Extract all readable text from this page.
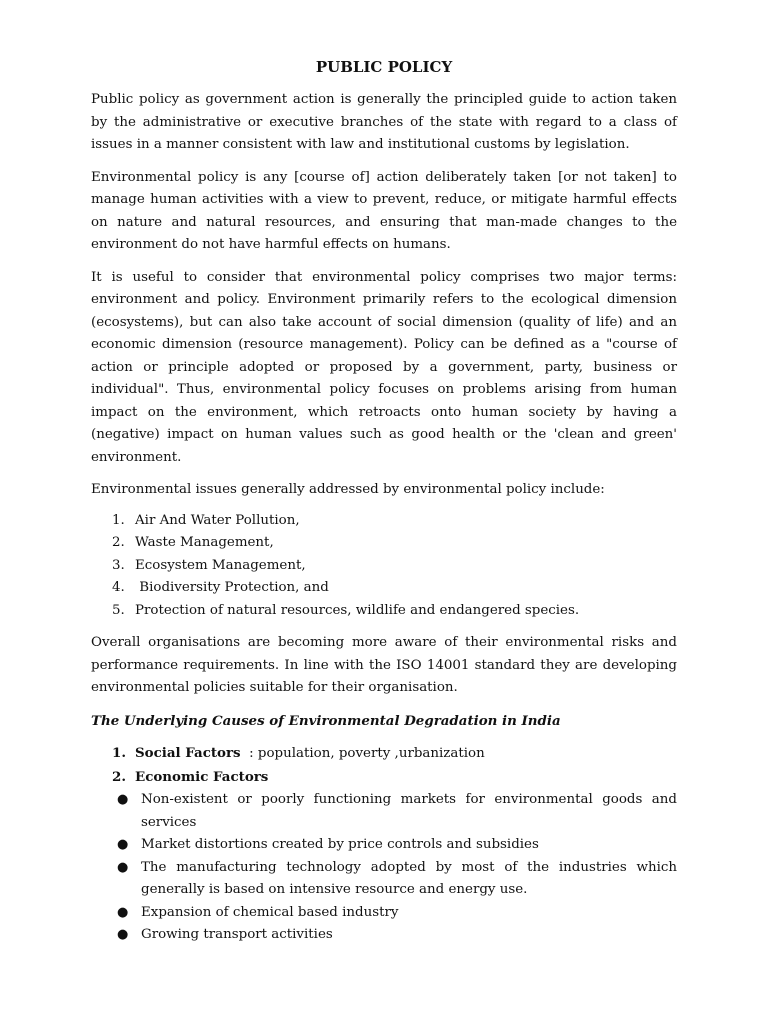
PUBLIC POLICY

Public policy as government action is generally the principled guide to action taken by the administrative or executive branches of the state with regard to a class of issues in a manner consistent with law and institutional customs by legislation.

Environmental policy is any [course of] action deliberately taken [or not taken] to manage human activities with a view to prevent, reduce, or mitigate harmful effects on nature and natural resources, and ensuring that man-made changes to the environment do not have harmful effects on humans.

It is useful to consider that environmental policy comprises two major terms: environment and policy. Environment primarily refers to the ecological dimension (ecosystems), but can also take account of social dimension (quality of life) and an economic dimension (resource management). Policy can be defined as a "course of action or principle adopted or proposed by a government, party, business or individual". Thus, environmental policy focuses on problems arising from human impact on the environment, which retroacts onto human society by having a (negative) impact on human values such as good health or the 'clean and green' environment.

Environmental issues generally addressed by environmental policy include:

1. Air And Water Pollution,
2. Waste Management,
3. Ecosystem Management,
4. Biodiversity Protection, and
5. Protection of natural resources, wildlife and endangered species.

Overall organisations are becoming more aware of their environmental risks and performance requirements. In line with the ISO 14001 standard they are developing environmental policies suitable for their organisation.

The Underlying Causes of Environmental Degradation in India
1. Social Factors  : population, poverty ,urbanization
2. Economic Factors
● Non-existent or poorly functioning markets for environmental goods and services
● Market distortions created by price controls and subsidies
● The manufacturing technology adopted by most of the industries which generally is based on intensive resource and energy use.
● Expansion of chemical based industry
● Growing transport activities
